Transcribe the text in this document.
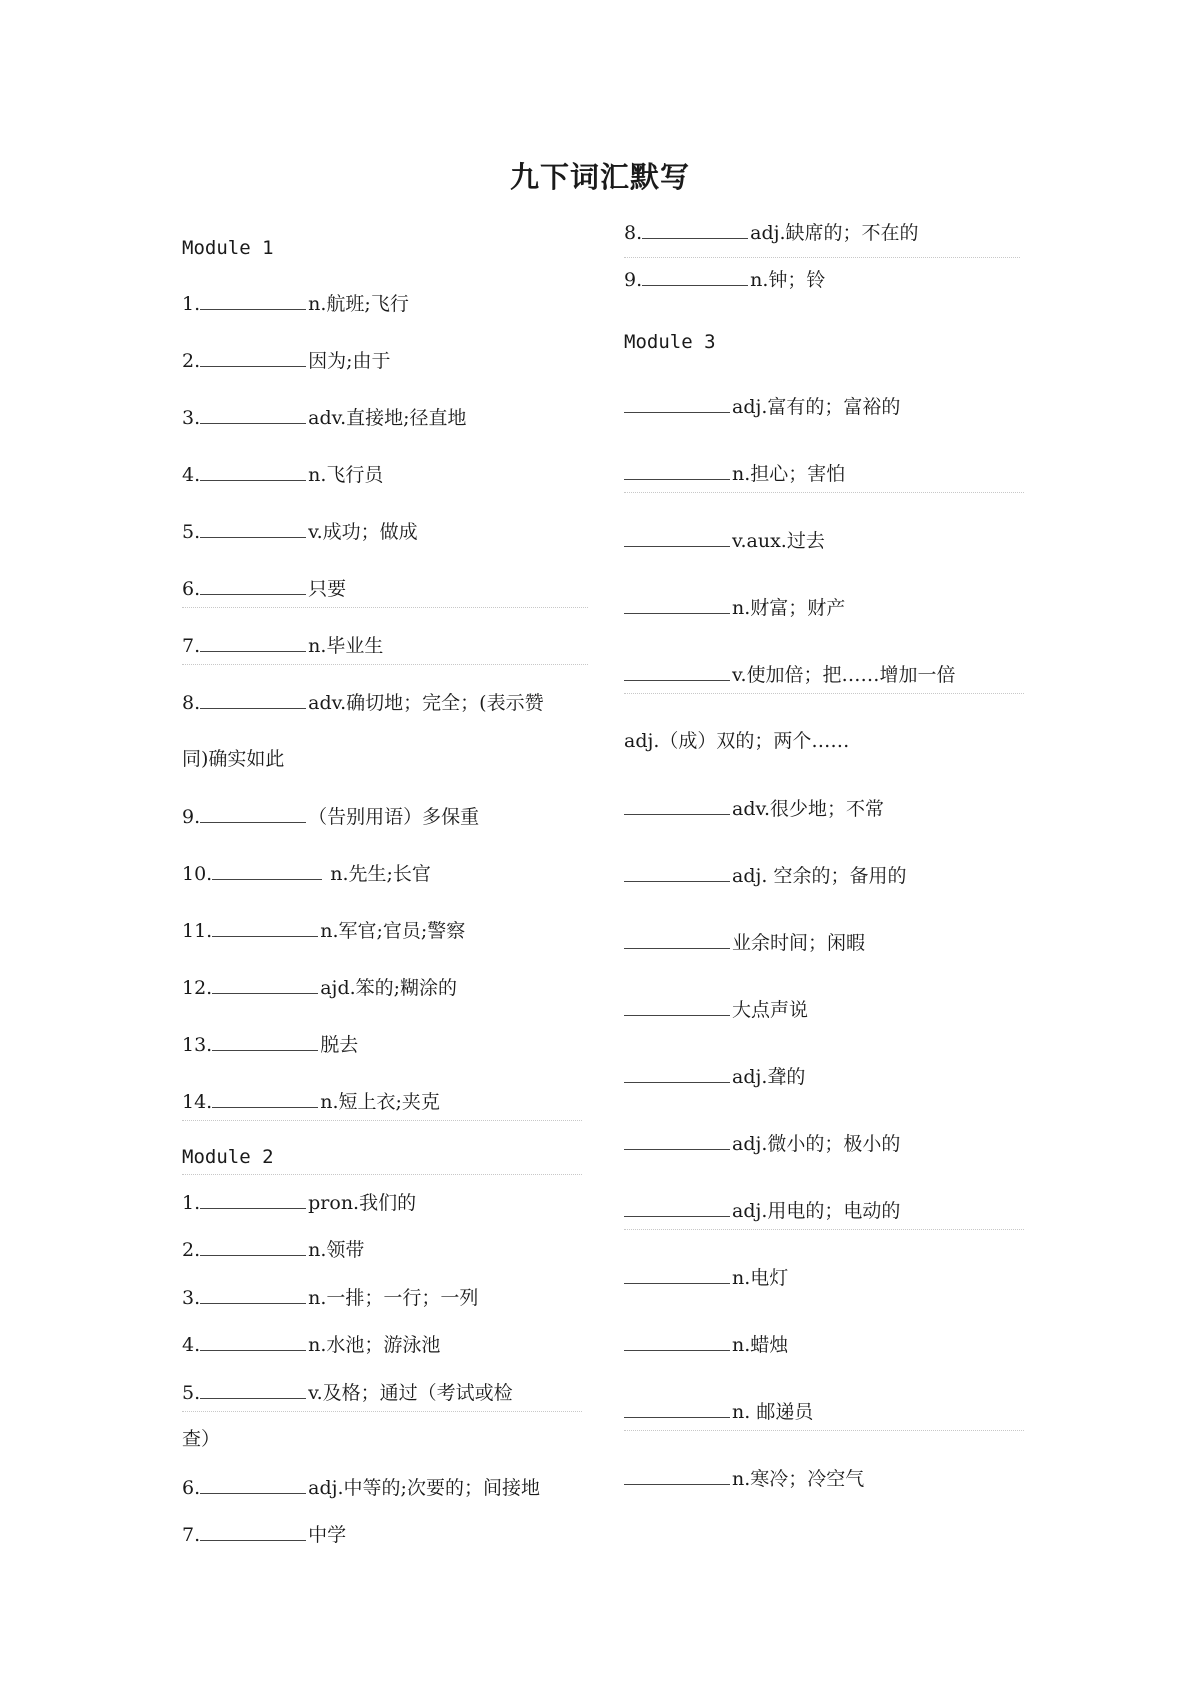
九下词汇默写
Module 1
1.	n.航班;飞行
2.	因为;由于
3.	adv.直接地;径直地
4.	n.飞行员
5.	v.成功；做成
6.	只要
7.	n.毕业生
8.	adv.确切地；完全；(表示赞
同)确实如此
9.	（告别用语）多保重
10.	n.先生;长官
11.	n.军官;官员;警察
12.	ajd.笨的;糊涂的
13.	脱去
14.	n.短上衣;夹克
Module 2
1.	pron.我们的
2.	n.领带
3.	n.一排；一行；一列
4.	n.水池；游泳池
5.	v.及格；通过（考试或检
查）
6.	adj.中等的;次要的；间接地
7.	中学
8.	adj.缺席的；不在的
9.	n.钟；铃
Module 3
adj.富有的；富裕的
n.担心；害怕
v.aux.过去
n.财富；财产
v.使加倍；把……增加一倍
adj.（成）双的；两个……
adv.很少地；不常
adj. 空余的；备用的
业余时间；闲暇
大点声说
adj.聋的
adj.微小的；极小的
adj.用电的；电动的
n.电灯
n.蜡烛
n. 邮递员
n.寒冷；冷空气
